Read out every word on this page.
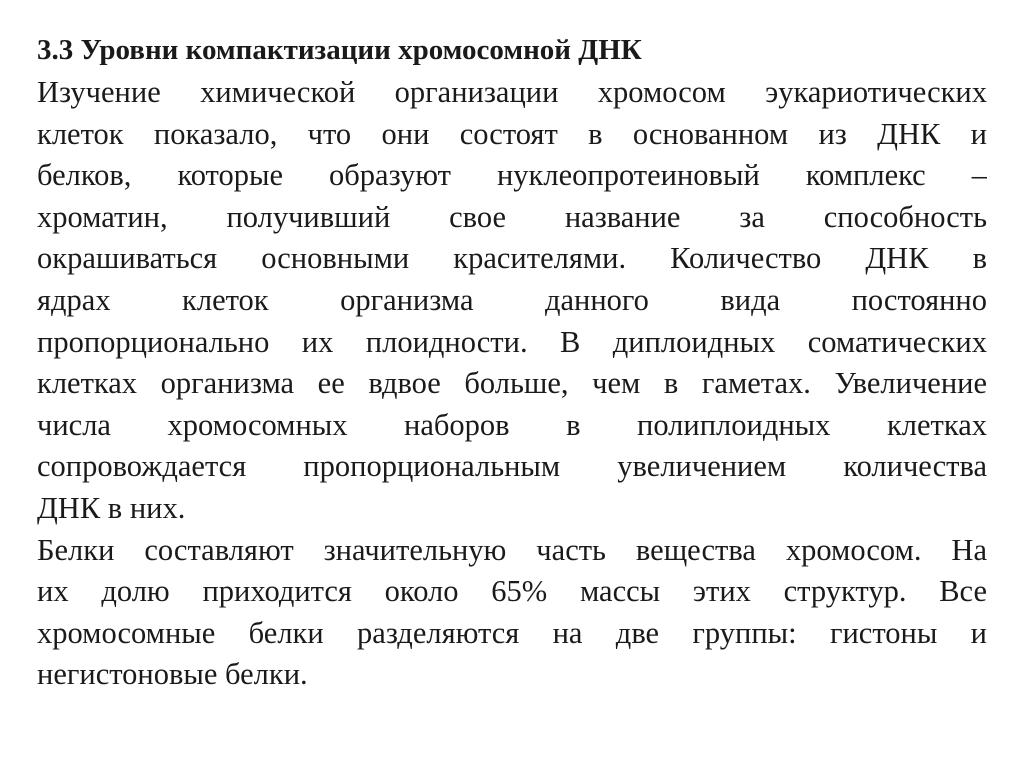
3.3 Уровни компактизации хромосомной ДНК
Изучение химической организации хромосом эукариотических
клеток показало, что они состоят в основанном из ДНК и
белков, которые образуют нуклеопротеиновый комплекс –
хроматин, получивший свое название за способность
окрашиваться основными красителями. Количество ДНК в
ядрах клеток организма данного вида постоянно
пропорционально их плоидности. В диплоидных соматических
клетках организма ее вдвое больше, чем в гаметах. Увеличение
числа хромосомных наборов в полиплоидных клетках
сопровождается пропорциональным увеличением количества
ДНК в них.
Белки составляют значительную часть вещества хромосом. На
их долю приходится около 65% массы этих структур. Все
хромосомные белки разделяются на две группы: гистоны и
негистоновые белки.
